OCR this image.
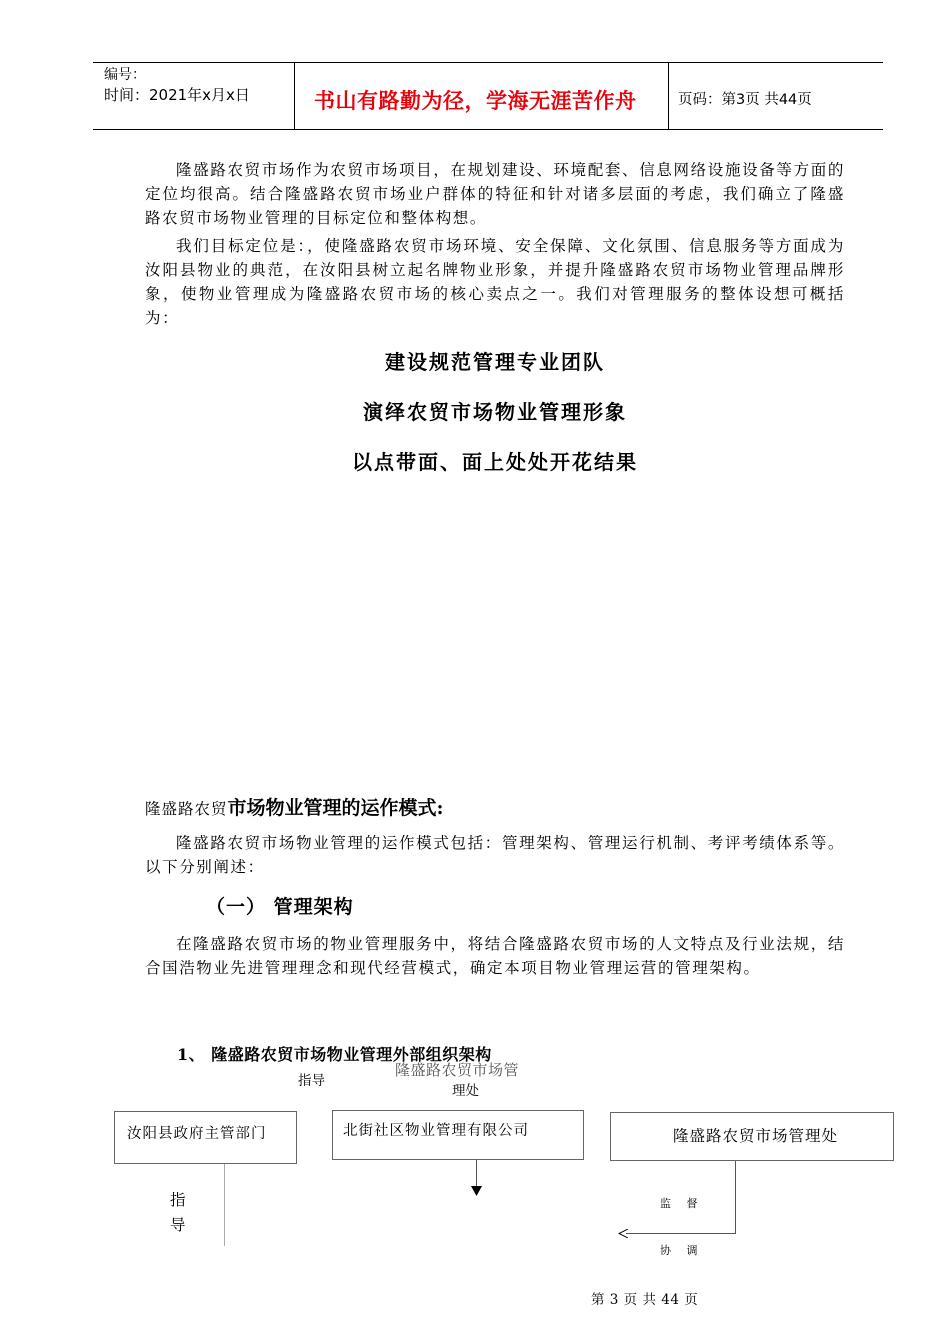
编号：
时间：2021年x月x日	书山有路勤为径，学海无涯苦作舟	页码：第3页 共44页

隆盛路农贸市场作为农贸市场项目，在规划建设、环境配套、信息网络设施设备等方面的定位均很高。结合隆盛路农贸市场业户群体的特征和针对诸多层面的考虑，我们确立了隆盛路农贸市场物业管理的目标定位和整体构想。

我们目标定位是：，使隆盛路农贸市场环境、安全保障、文化氛围、信息服务等方面成为汝阳县物业的典范，在汝阳县树立起名牌物业形象，并提升隆盛路农贸市场物业管理品牌形象，使物业管理成为隆盛路农贸市场的核心卖点之一。我们对管理服务的整体设想可概括为：

建设规范管理专业团队
演绎农贸市场物业管理形象
以点带面、面上处处开花结果
隆盛路农贸市场物业管理的运作模式:

隆盛路农贸市场物业管理的运作模式包括：管理架构、管理运行机制、考评考绩体系等。以下分别阐述：

（一） 管理架构

在隆盛路农贸市场的物业管理服务中，将结合隆盛路农贸市场的人文特点及行业法规，结合国浩物业先进管理理念和现代经营模式，确定本项目物业管理运营的管理架构。

1、 隆盛路农贸市场物业管理外部组织架构
指导
隆盛路农贸市场管
理处
汝阳县政府主管部门	北街社区物业管理有限公司	隆盛路农贸市场管理处
指
导
监 督
协 调
第 3 页 共 44 页
